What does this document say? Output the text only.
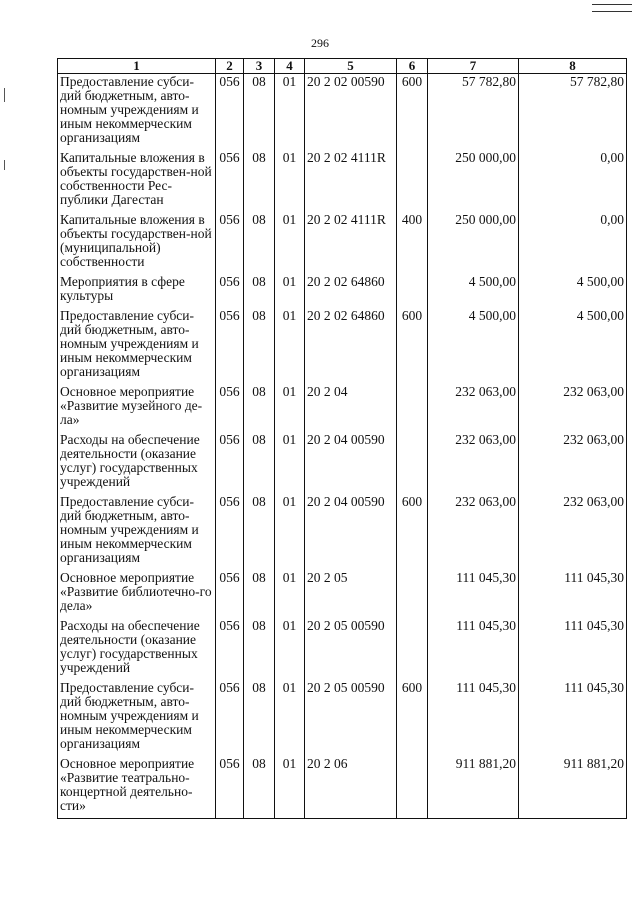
296
1	2	3	4	5	6	7	8
Предоставление субси-дий бюджетным, авто-номным учреждениям и иным некоммерческим организациям	056	08	01	20 2 02 00590	600	57 782,80	57 782,80
Капитальные вложения в объекты государствен-ной собственности Рес-публики Дагестан	056	08	01	20 2 02 4111R		250 000,00	0,00
Капитальные вложения в объекты государствен-ной (муниципальной) собственности	056	08	01	20 2 02 4111R	400	250 000,00	0,00
Мероприятия в сфере культуры	056	08	01	20 2 02 64860		4 500,00	4 500,00
Предоставление субси-дий бюджетным, авто-номным учреждениям и иным некоммерческим организациям	056	08	01	20 2 02 64860	600	4 500,00	4 500,00
Основное мероприятие «Развитие музейного де-ла»	056	08	01	20 2 04		232 063,00	232 063,00
Расходы на обеспечение деятельности (оказание услуг) государственных учреждений	056	08	01	20 2 04 00590		232 063,00	232 063,00
Предоставление субси-дий бюджетным, авто-номным учреждениям и иным некоммерческим организациям	056	08	01	20 2 04 00590	600	232 063,00	232 063,00
Основное мероприятие «Развитие библиотечно-го дела»	056	08	01	20 2 05		111 045,30	111 045,30
Расходы на обеспечение деятельности (оказание услуг) государственных учреждений	056	08	01	20 2 05 00590		111 045,30	111 045,30
Предоставление субси-дий бюджетным, авто-номным учреждениям и иным некоммерческим организациям	056	08	01	20 2 05 00590	600	111 045,30	111 045,30
Основное мероприятие «Развитие театрально-концертной деятельно-сти»	056	08	01	20 2 06		911 881,20	911 881,20
